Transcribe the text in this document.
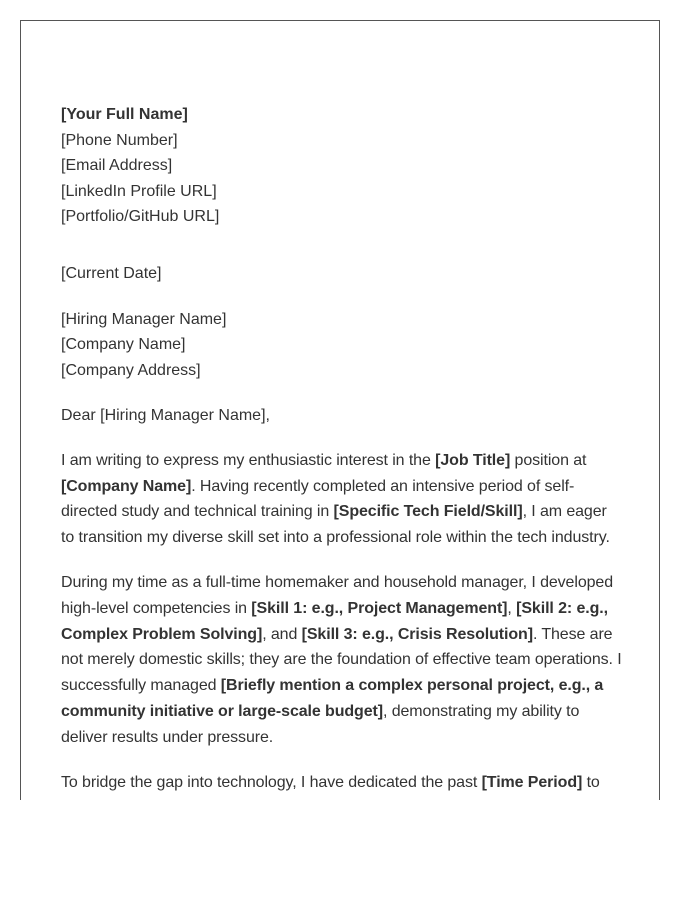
[Your Full Name]
[Phone Number]
[Email Address]
[LinkedIn Profile URL]
[Portfolio/GitHub URL]
[Current Date]
[Hiring Manager Name]
[Company Name]
[Company Address]
Dear [Hiring Manager Name],

I am writing to express my enthusiastic interest in the [Job Title] position at
[Company Name]. Having recently completed an intensive period of self-directed study and technical training in [Specific Tech Field/Skill], I am eager to transition my diverse skill set into a professional role within the tech industry.

During my time as a full-time homemaker and household manager, I developed high-level competencies in [Skill 1: e.g., Project Management], [Skill 2: e.g., Complex Problem Solving], and [Skill 3: e.g., Crisis Resolution]. These are not merely domestic skills; they are the foundation of effective team operations. I successfully managed [Briefly mention a complex personal project, e.g., a community initiative or large-scale budget], demonstrating my ability to deliver results under pressure.

To bridge the gap into technology, I have dedicated the past [Time Period] to
